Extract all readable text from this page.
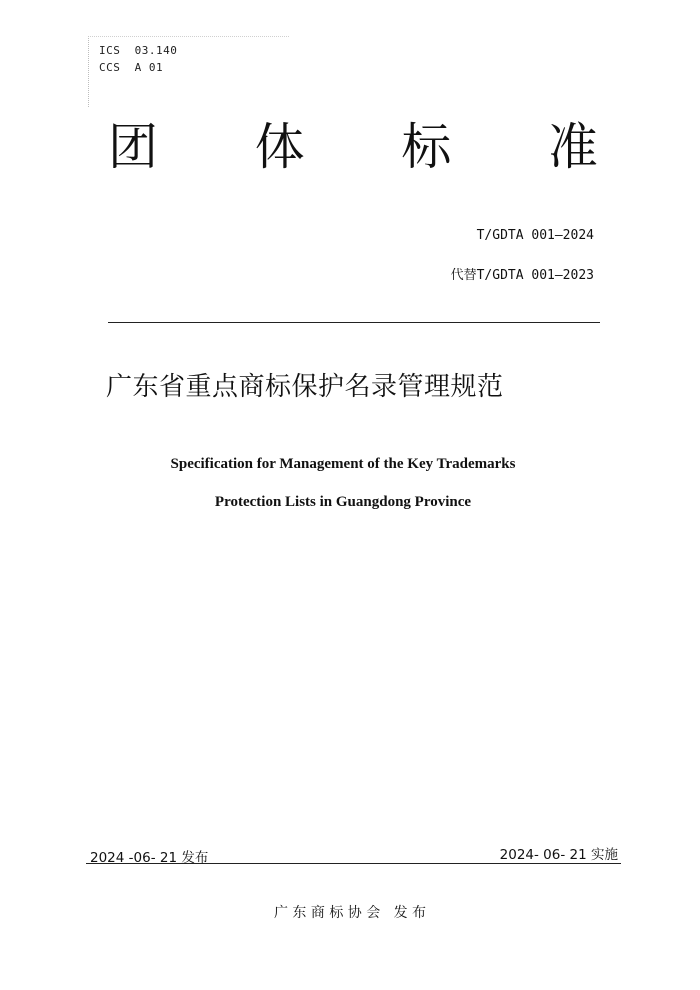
ICS  03.140
CCS  A 01
团 体 标 准
T/GDTA 001—2024
代替T/GDTA 001—2023
广东省重点商标保护名录管理规范
Specification for Management of the Key Trademarks
Protection Lists in Guangdong Province
2024 -06- 21 发布	2024- 06- 21 实施
广 东 商 标 协 会   发 布
